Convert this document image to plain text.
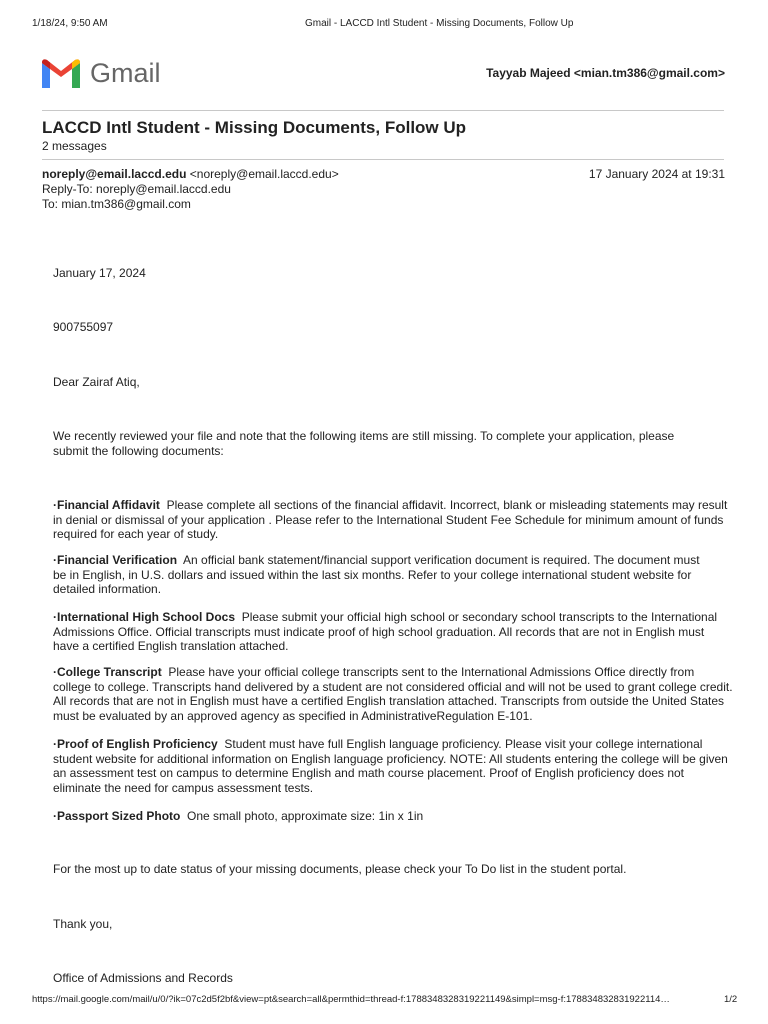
1/18/24, 9:50 AM	Gmail - LACCD Intl Student - Missing Documents, Follow Up
Gmail	Tayyab Majeed <mian.tm386@gmail.com>
LACCD Intl Student - Missing Documents, Follow Up
2 messages
noreply@email.laccd.edu <noreply@email.laccd.edu>
Reply-To: noreply@email.laccd.edu
To: mian.tm386@gmail.com
17 January 2024 at 19:31
January 17, 2024
900755097
Dear Zairaf Atiq,
We recently reviewed your file and note that the following items are still missing. To complete your application, please submit the following documents:
·Financial Affidavit Please complete all sections of the financial affidavit. Incorrect, blank or misleading statements may result in denial or dismissal of your application . Please refer to the International Student Fee Schedule for minimum amount of funds required for each year of study.
·Financial Verification An official bank statement/financial support verification document is required. The document must be in English, in U.S. dollars and issued within the last six months. Refer to your college international student website for detailed information.
·International High School Docs Please submit your official high school or secondary school transcripts to the International Admissions Office. Official transcripts must indicate proof of high school graduation. All records that are not in English must have a certified English translation attached.
·College Transcript Please have your official college transcripts sent to the International Admissions Office directly from college to college. Transcripts hand delivered by a student are not considered official and will not be used to grant college credit. All records that are not in English must have a certified English translation attached. Transcripts from outside the United States must be evaluated by an approved agency as specified in AdministrativeRegulation E-101.
·Proof of English Proficiency Student must have full English language proficiency. Please visit your college international student website for additional information on English language proficiency. NOTE: All students entering the college will be given an assessment test on campus to determine English and math course placement. Proof of English proficiency does not eliminate the need for campus assessment tests.
·Passport Sized Photo One small photo, approximate size: 1in x 1in
For the most up to date status of your missing documents, please check your To Do list in the student portal.
Thank you,
Office of Admissions and Records
https://mail.google.com/mail/u/0/?ik=07c2d5f2bf&view=pt&search=all&permthid=thread-f:1788348328319221149&simpl=msg-f:178834832831922114…	1/2
